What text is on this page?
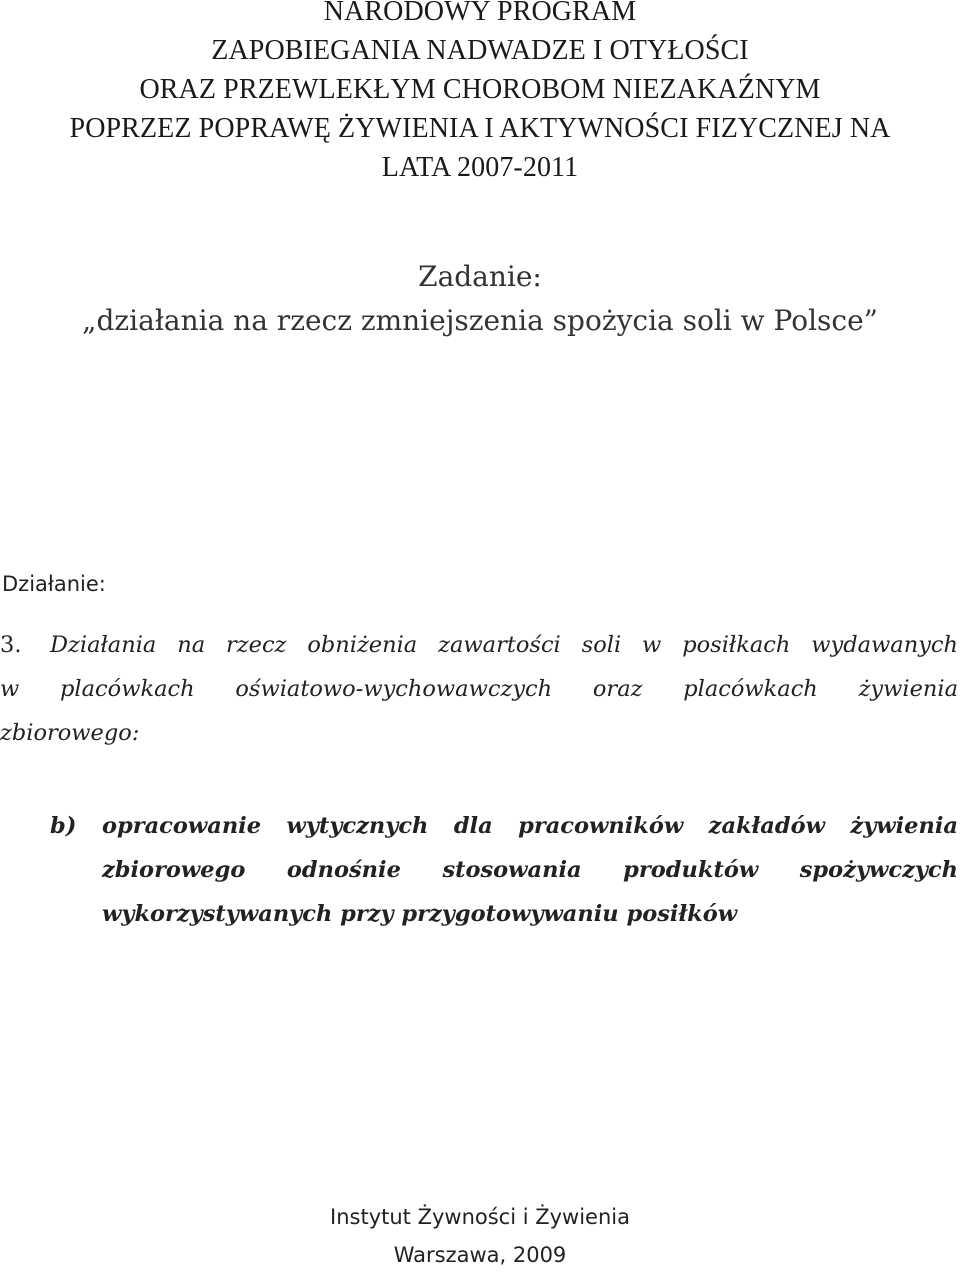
NARODOWY PROGRAM
ZAPOBIEGANIA NADWADZE I OTYŁOŚCI
ORAZ PRZEWLEKŁYM CHOROBOM NIEZAKAŹNYM
POPRZEZ POPRAWĘ ŻYWIENIA I AKTYWNOŚCI FIZYCZNEJ NA
LATA 2007-2011
Zadanie:
„działania na rzecz zmniejszenia spożycia soli w Polsce”
Działanie:
3. Działania na rzecz obniżenia zawartości soli w posiłkach wydawanych
w placówkach oświatowo-wychowawczych oraz placówkach żywienia
zbiorowego:
b) opracowanie wytycznych dla pracowników zakładów żywienia
zbiorowego odnośnie stosowania produktów spożywczych
wykorzystywanych przy przygotowywaniu posiłków
Instytut Żywności i Żywienia
Warszawa, 2009
